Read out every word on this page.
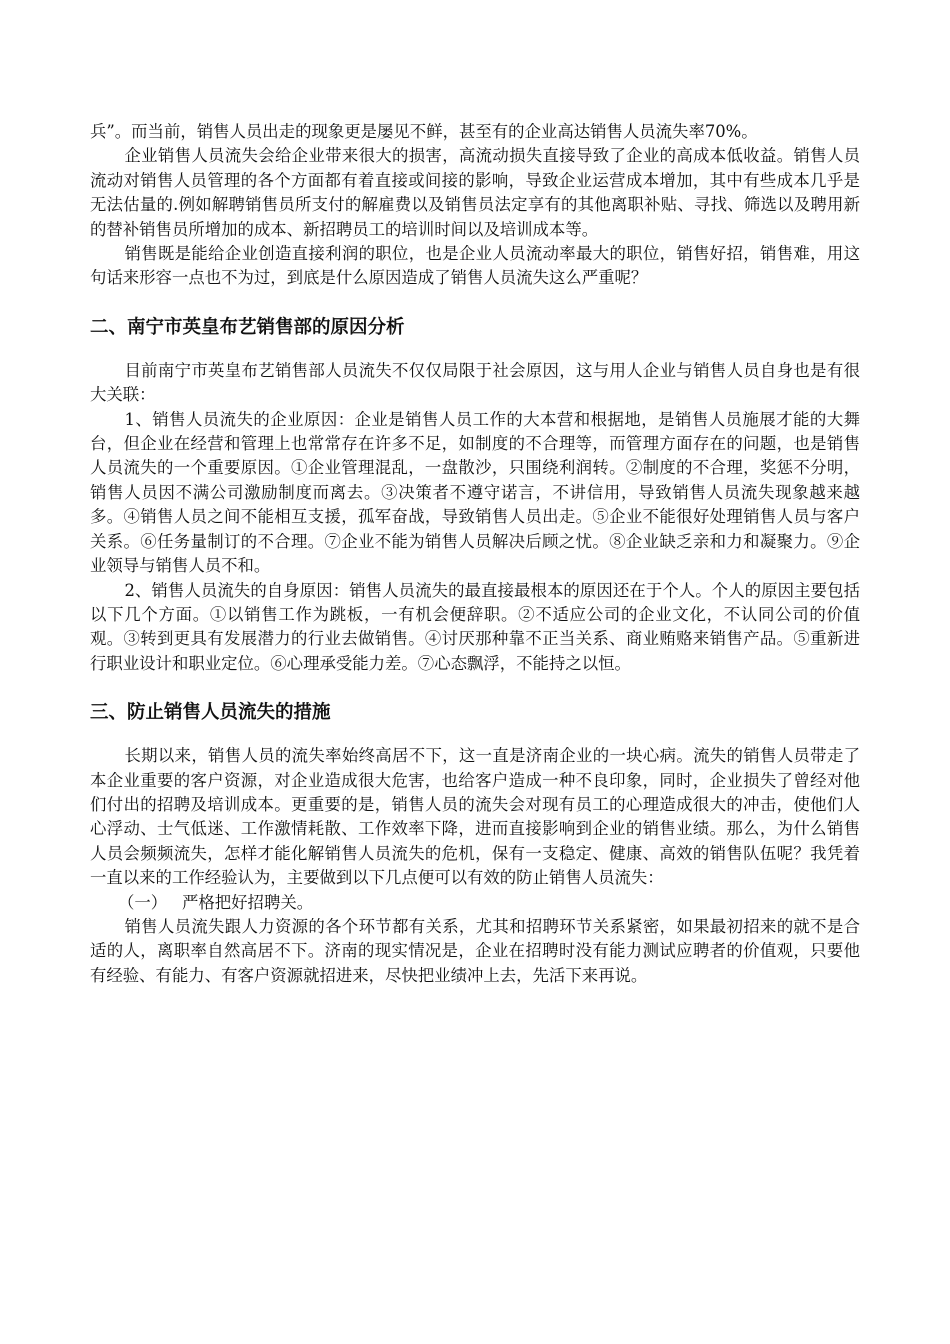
兵”。而当前，销售人员出走的现象更是屡见不鲜，甚至有的企业高达销售人员流失率70%。

企业销售人员流失会给企业带来很大的损害，高流动损失直接导致了企业的高成本低收益。销售人员流动对销售人员管理的各个方面都有着直接或间接的影响，导致企业运营成本增加，其中有些成本几乎是无法估量的.例如解聘销售员所支付的解雇费以及销售员法定享有的其他离职补贴、寻找、筛选以及聘用新的替补销售员所增加的成本、新招聘员工的培训时间以及培训成本等。

销售既是能给企业创造直接利润的职位，也是企业人员流动率最大的职位，销售好招，销售难，用这句话来形容一点也不为过，到底是什么原因造成了销售人员流失这么严重呢？

二、南宁市英皇布艺销售部的原因分析

目前南宁市英皇布艺销售部人员流失不仅仅局限于社会原因，这与用人企业与销售人员自身也是有很大关联：

1、销售人员流失的企业原因：企业是销售人员工作的大本营和根据地，是销售人员施展才能的大舞台，但企业在经营和管理上也常常存在许多不足，如制度的不合理等，而管理方面存在的问题，也是销售人员流失的一个重要原因。①企业管理混乱，一盘散沙，只围绕利润转。②制度的不合理，奖惩不分明，销售人员因不满公司激励制度而离去。③决策者不遵守诺言，不讲信用，导致销售人员流失现象越来越多。④销售人员之间不能相互支援，孤军奋战，导致销售人员出走。⑤企业不能很好处理销售人员与客户关系。⑥任务量制订的不合理。⑦企业不能为销售人员解决后顾之忧。⑧企业缺乏亲和力和凝聚力。⑨企业领导与销售人员不和。

2、销售人员流失的自身原因：销售人员流失的最直接最根本的原因还在于个人。个人的原因主要包括以下几个方面。①以销售工作为跳板，一有机会便辞职。②不适应公司的企业文化，不认同公司的价值观。③转到更具有发展潜力的行业去做销售。④讨厌那种靠不正当关系、商业贿赂来销售产品。⑤重新进行职业设计和职业定位。⑥心理承受能力差。⑦心态飘浮，不能持之以恒。

三、防止销售人员流失的措施

长期以来，销售人员的流失率始终高居不下，这一直是济南企业的一块心病。流失的销售人员带走了本企业重要的客户资源，对企业造成很大危害，也给客户造成一种不良印象，同时，企业损失了曾经对他们付出的招聘及培训成本。更重要的是，销售人员的流失会对现有员工的心理造成很大的冲击，使他们人心浮动、士气低迷、工作激情耗散、工作效率下降，进而直接影响到企业的销售业绩。那么，为什么销售人员会频频流失，怎样才能化解销售人员流失的危机，保有一支稳定、健康、高效的销售队伍呢？我凭着一直以来的工作经验认为，主要做到以下几点便可以有效的防止销售人员流失：

（一） 严格把好招聘关。

销售人员流失跟人力资源的各个环节都有关系，尤其和招聘环节关系紧密，如果最初招来的就不是合适的人，离职率自然高居不下。济南的现实情况是，企业在招聘时没有能力测试应聘者的价值观，只要他有经验、有能力、有客户资源就招进来，尽快把业绩冲上去，先活下来再说。
